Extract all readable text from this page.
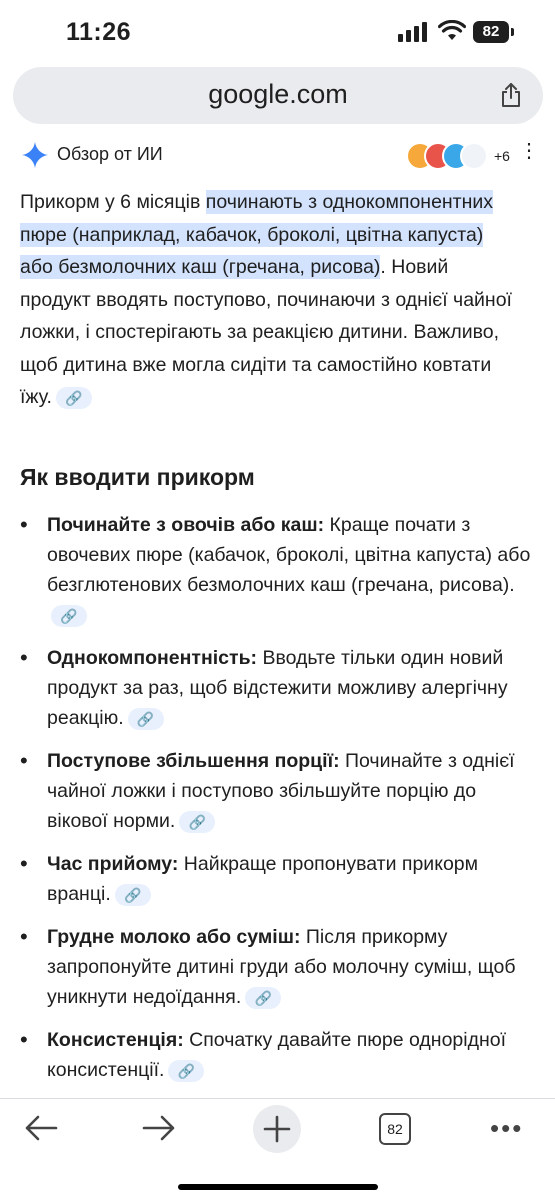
11:26	82
google.com
Обзор от ИИ	+6 ⋮
Прикорм у 6 місяців починають з однокомпонентних пюре (наприклад, кабачок, броколі, цвітна капуста) або безмолочних каш (гречана, рисова). Новий продукт вводять поступово, починаючи з однієї чайної ложки, і спостерігають за реакцією дитини. Важливо, щоб дитина вже могла сидіти та самостійно ковтати їжу. 🔗
Як вводити прикорм
• Починайте з овочів або каш: Краще почати з овочевих пюре (кабачок, броколі, цвітна капуста) або безглютенових безмолочних каш (гречана, рисова).🔗
• Однокомпонентність: Вводьте тільки один новий продукт за раз, щоб відстежити можливу алергічну реакцію. 🔗
• Поступове збільшення порції: Починайте з однієї чайної ложки і поступово збільшуйте порцію до вікової норми. 🔗
• Час прийому: Найкраще пропонувати прикорм вранці. 🔗
• Грудне молоко або суміш: Після прикорму запропонуйте дитині груди або молочну суміш, щоб уникнути недоїдання. 🔗
• Консистенція: Спочатку давайте пюре однорідної консистенції. 🔗
82	•••
